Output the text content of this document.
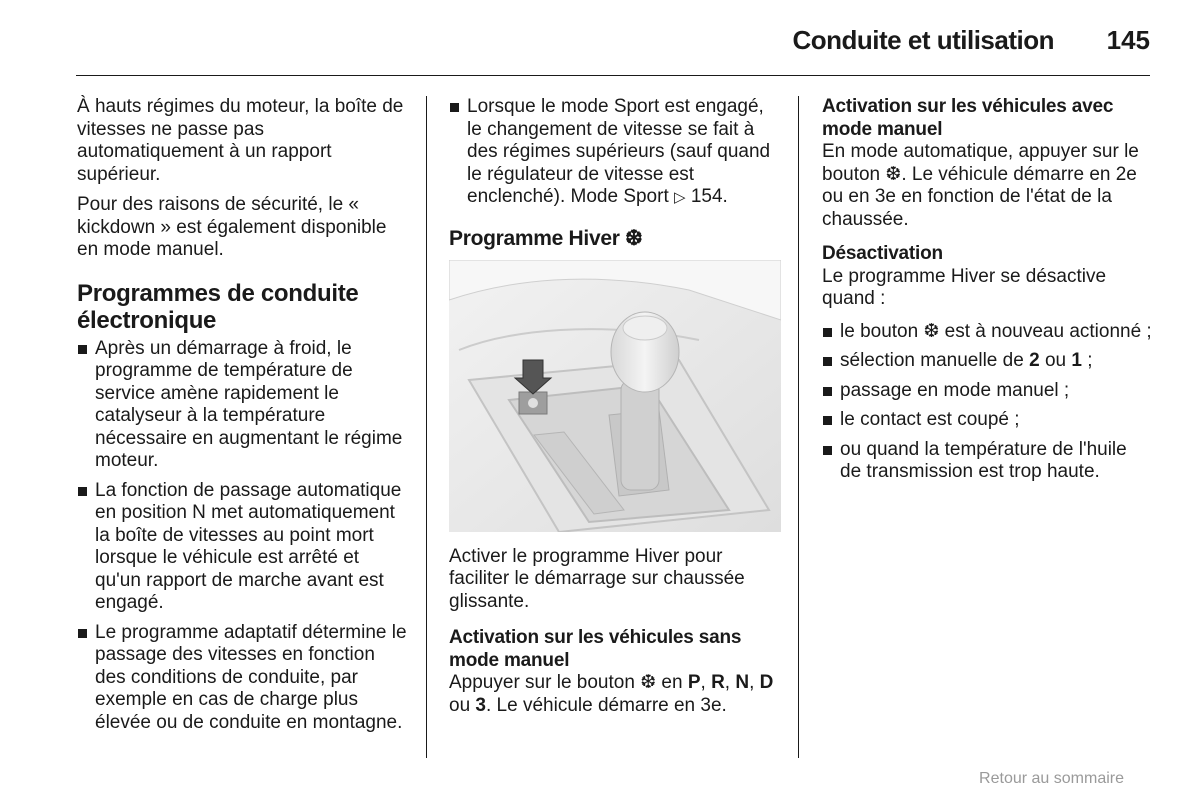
Conduite et utilisation	145

À hauts régimes du moteur, la boîte de vitesses ne passe pas automatiquement à un rapport supérieur.

Pour des raisons de sécurité, le « kickdown » est également disponible en mode manuel.

Programmes de conduite électronique
Après un démarrage à froid, le programme de température de service amène rapidement le catalyseur à la température nécessaire en augmentant le régime moteur.
La fonction de passage automatique en position N met automatiquement la boîte de vitesses au point mort lorsque le véhicule est arrêté et qu'un rapport de marche avant est engagé.
Le programme adaptatif détermine le passage des vitesses en fonction des conditions de conduite, par exemple en cas de charge plus élevée ou de conduite en montagne.
Lorsque le mode Sport est engagé, le changement de vitesse se fait à des régimes supérieurs (sauf quand le régulateur de vitesse est enclenché). Mode Sport ▷ 154.
Programme Hiver ❆

Activer le programme Hiver pour faciliter le démarrage sur chaussée glissante.

Activation sur les véhicules sans mode manuel

Appuyer sur le bouton ❆ en P, R, N, D ou 3. Le véhicule démarre en 3e.

Activation sur les véhicules avec mode manuel

En mode automatique, appuyer sur le bouton ❆. Le véhicule démarre en 2e ou en 3e en fonction de l'état de la chaussée.

Désactivation

Le programme Hiver se désactive quand :

le bouton ❆ est à nouveau actionné ;
sélection manuelle de 2 ou 1 ;
passage en mode manuel ;
le contact est coupé ;
ou quand la température de l'huile de transmission est trop haute.
Retour au sommaire
